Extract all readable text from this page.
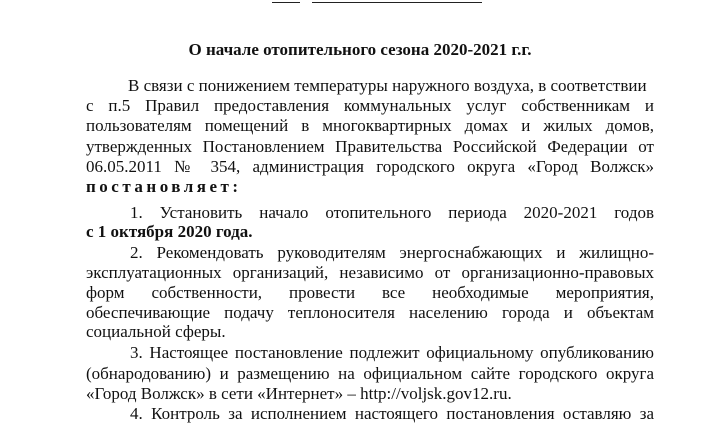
О начале отопительного сезона 2020-2021 г.г.
В связи с понижением температуры наружного воздуха, в соответствии
с п.5 Правил предоставления коммунальных услуг собственникам и
пользователям помещений в многоквартирных домах и жилых домов,
утвержденных Постановлением Правительства Российской Федерации от
06.05.2011 № 354, администрация городского округа «Город Волжск»
постановляет:
1. Установить начало отопительного периода 2020-2021 годов
с 1 октября 2020 года.
2. Рекомендовать руководителям энергоснабжающих и жилищно-
эксплуатационных организаций, независимо от организационно-правовых
форм собственности, провести все необходимые мероприятия,
обеспечивающие подачу теплоносителя населению города и объектам
социальной сферы.
3. Настоящее постановление подлежит официальному опубликованию
(обнародованию) и размещению на официальном сайте городского округа
«Город Волжск» в сети «Интернет» – http://voljsk.gov12.ru.
4. Контроль за исполнением настоящего постановления оставляю за
